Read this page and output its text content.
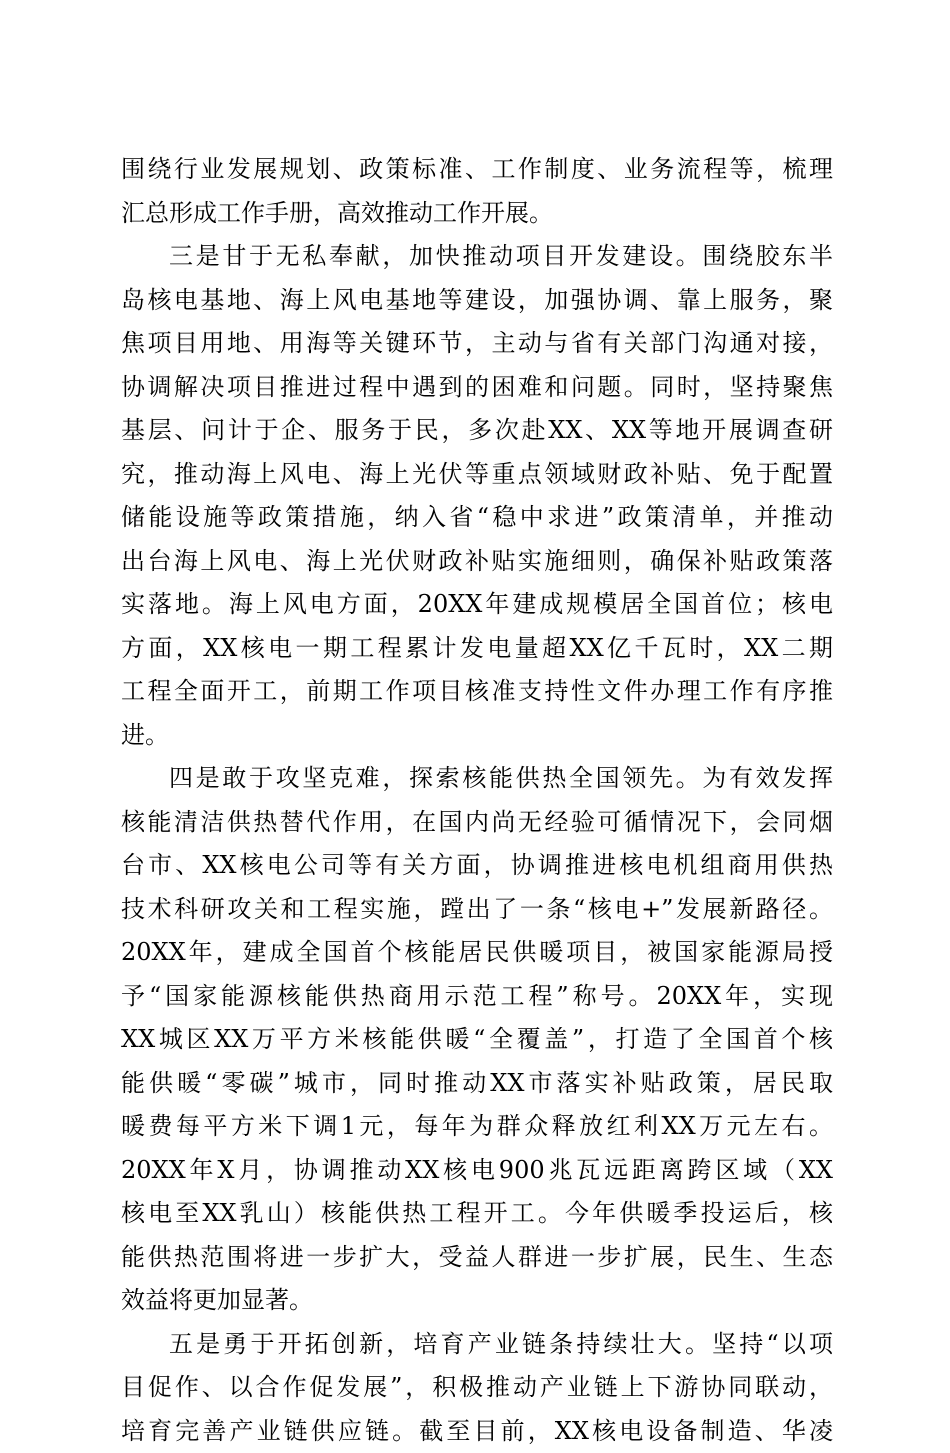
围绕行业发展规划、政策标准、工作制度、业务流程等，梳理
汇总形成工作手册，高效推动工作开展。
三是甘于无私奉献，加快推动项目开发建设。围绕胶东半
岛核电基地、海上风电基地等建设，加强协调、靠上服务，聚
焦项目用地、用海等关键环节，主动与省有关部门沟通对接，
协调解决项目推进过程中遇到的困难和问题。同时，坚持聚焦
基层、问计于企、服务于民，多次赴XX、XX等地开展调查研
究，推动海上风电、海上光伏等重点领域财政补贴、免于配置
储能设施等政策措施，纳入省“稳中求进”政策清单，并推动
出台海上风电、海上光伏财政补贴实施细则，确保补贴政策落
实落地。海上风电方面，20XX年建成规模居全国首位；核电
方面，XX核电一期工程累计发电量超XX亿千瓦时，XX二期
工程全面开工，前期工作项目核准支持性文件办理工作有序推
进。
四是敢于攻坚克难，探索核能供热全国领先。为有效发挥
核能清洁供热替代作用，在国内尚无经验可循情况下，会同烟
台市、XX核电公司等有关方面，协调推进核电机组商用供热
技术科研攻关和工程实施，蹚出了一条“核电+”发展新路径。
20XX年，建成全国首个核能居民供暖项目，被国家能源局授
予“国家能源核能供热商用示范工程”称号。20XX年，实现
XX城区XX万平方米核能供暖“全覆盖”，打造了全国首个核
能供暖“零碳”城市，同时推动XX市落实补贴政策，居民取
暖费每平方米下调1元，每年为群众释放红利XX万元左右。
20XX年X月，协调推动XX核电900兆瓦远距离跨区域（XX
核电至XX乳山）核能供热工程开工。今年供暖季投运后，核
能供热范围将进一步扩大，受益人群进一步扩展，民生、生态
效益将更加显著。
五是勇于开拓创新，培育产业链条持续壮大。坚持“以项
目促作、以合作促发展”，积极推动产业链上下游协同联动，
培育完善产业链供应链。截至目前，XX核电设备制造、华凌
